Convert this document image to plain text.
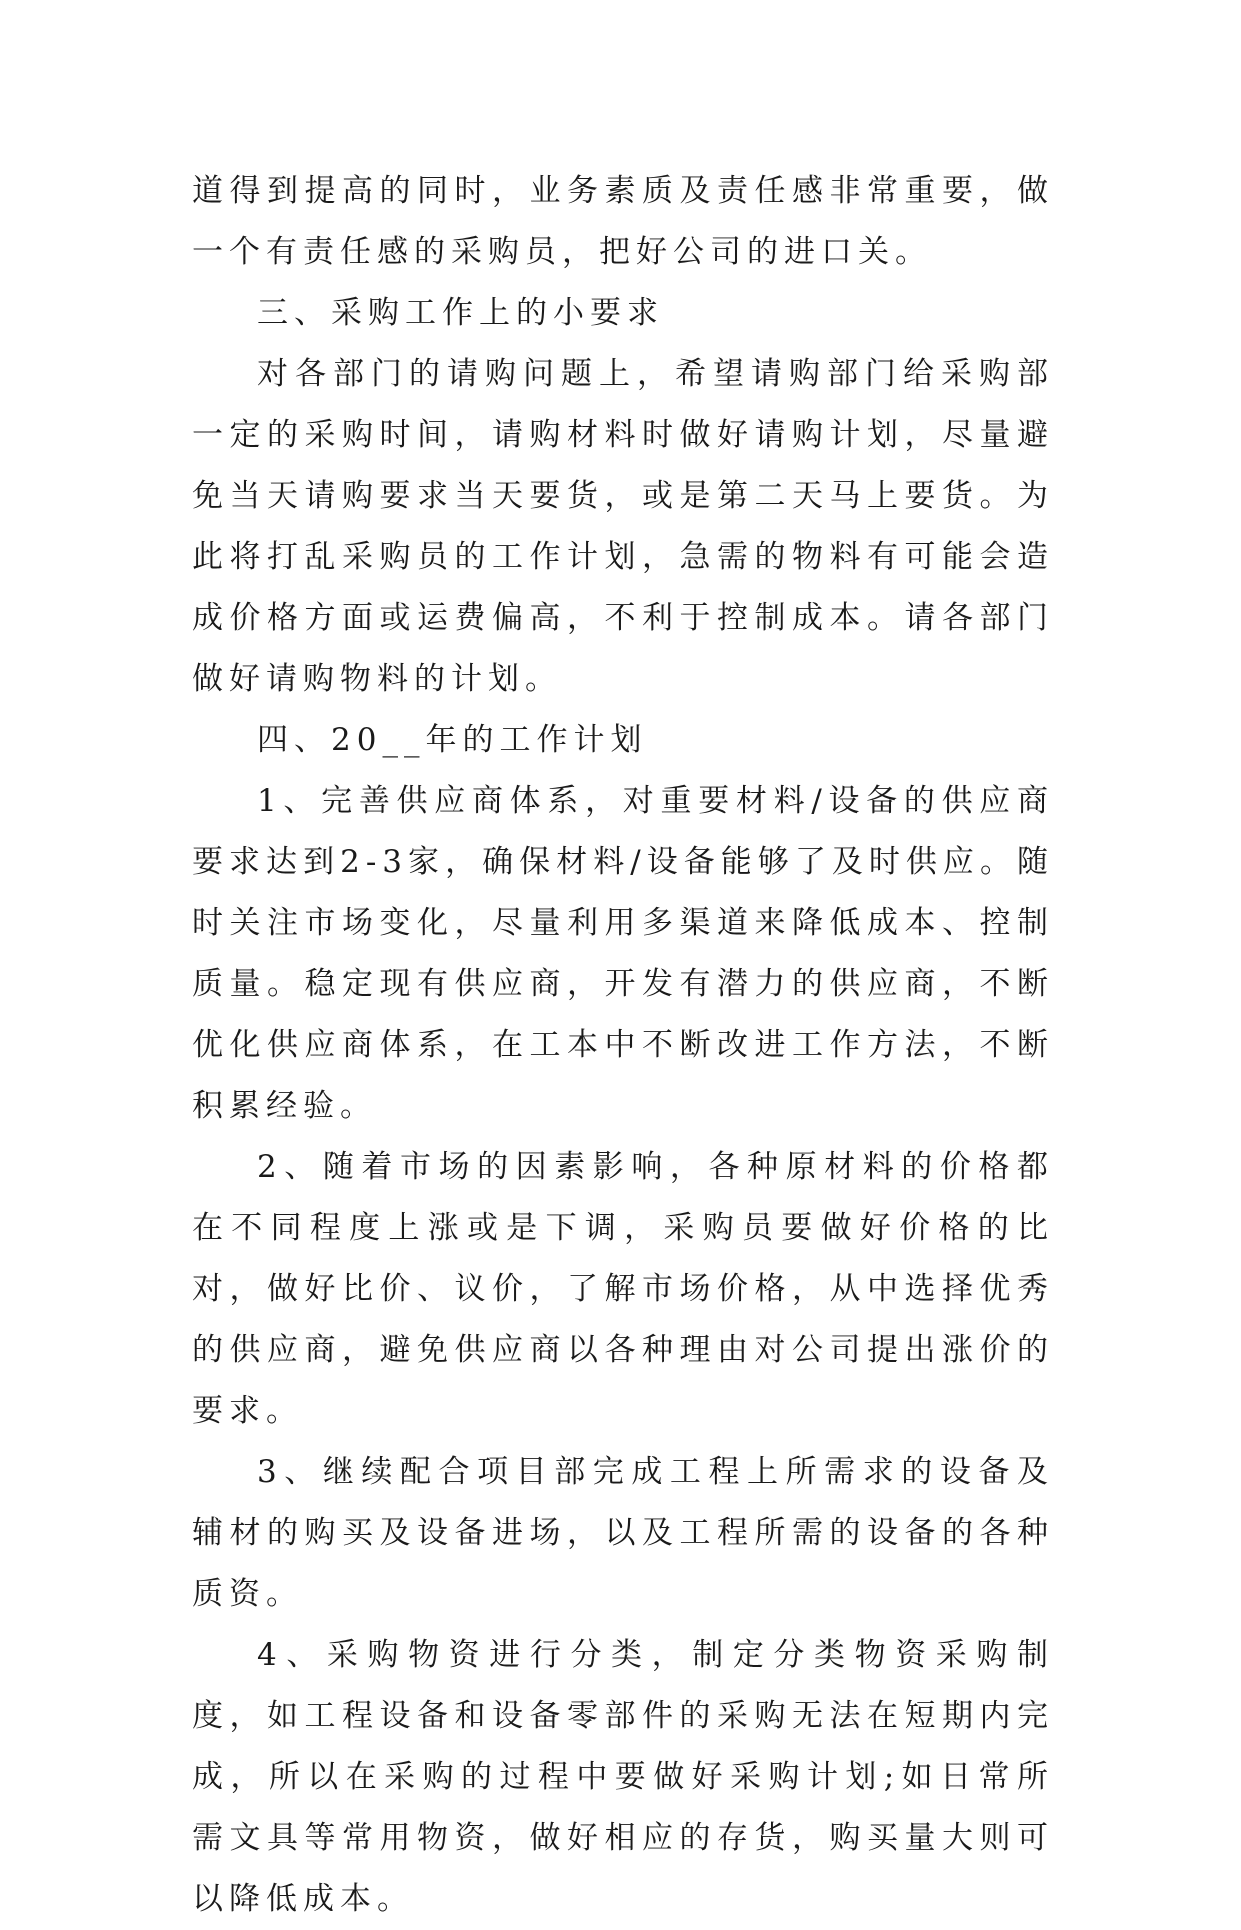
道得到提高的同时，业务素质及责任感非常重要，做一个有责任感的采购员，把好公司的进口关。

三、采购工作上的小要求

对各部门的请购问题上，希望请购部门给采购部一定的采购时间，请购材料时做好请购计划，尽量避免当天请购要求当天要货，或是第二天马上要货。为此将打乱采购员的工作计划，急需的物料有可能会造成价格方面或运费偏高，不利于控制成本。请各部门做好请购物料的计划。

四、20__年的工作计划

1、完善供应商体系，对重要材料/设备的供应商要求达到2-3家，确保材料/设备能够了及时供应。随时关注市场变化，尽量利用多渠道来降低成本、控制质量。稳定现有供应商，开发有潜力的供应商，不断优化供应商体系，在工本中不断改进工作方法，不断积累经验。

2、随着市场的因素影响，各种原材料的价格都在不同程度上涨或是下调，采购员要做好价格的比对，做好比价、议价，了解市场价格，从中选择优秀的供应商，避免供应商以各种理由对公司提出涨价的要求。

3、继续配合项目部完成工程上所需求的设备及辅材的购买及设备进场，以及工程所需的设备的各种质资。

4、采购物资进行分类，制定分类物资采购制度，如工程设备和设备零部件的采购无法在短期内完成，所以在采购的过程中要做好采购计划;如日常所需文具等常用物资，做好相应的存货，购买量大则可以降低成本。
